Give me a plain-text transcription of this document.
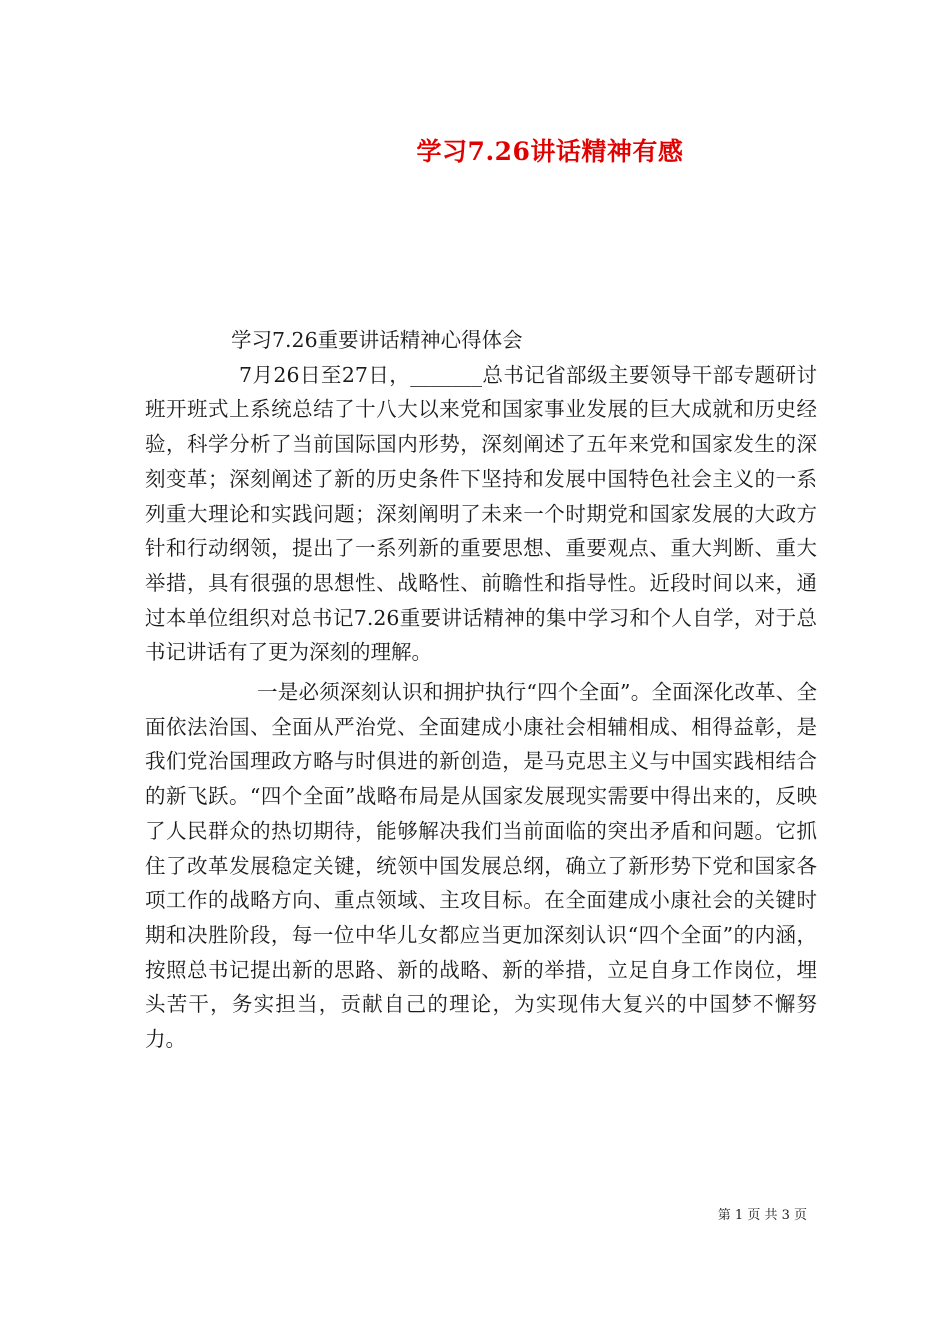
学习7.26讲话精神有感

学习7.26重要讲话精神心得体会

7月26日至27日，_______总书记省部级主要领导干部专题研讨班开班式上系统总结了十八大以来党和国家事业发展的巨大成就和历史经验，科学分析了当前国际国内形势，深刻阐述了五年来党和国家发生的深刻变革；深刻阐述了新的历史条件下坚持和发展中国特色社会主义的一系列重大理论和实践问题；深刻阐明了未来一个时期党和国家发展的大政方针和行动纲领，提出了一系列新的重要思想、重要观点、重大判断、重大举措，具有很强的思想性、战略性、前瞻性和指导性。近段时间以来，通过本单位组织对总书记7.26重要讲话精神的集中学习和个人自学，对于总书记讲话有了更为深刻的理解。

一是必须深刻认识和拥护执行“四个全面”。全面深化改革、全面依法治国、全面从严治党、全面建成小康社会相辅相成、相得益彰，是我们党治国理政方略与时俱进的新创造，是马克思主义与中国实践相结合的新飞跃。“四个全面”战略布局是从国家发展现实需要中得出来的，反映了人民群众的热切期待，能够解决我们当前面临的突出矛盾和问题。它抓住了改革发展稳定关键，统领中国发展总纲，确立了新形势下党和国家各项工作的战略方向、重点领域、主攻目标。在全面建成小康社会的关键时期和决胜阶段，每一位中华儿女都应当更加深刻认识“四个全面”的内涵，按照总书记提出新的思路、新的战略、新的举措，立足自身工作岗位，埋头苦干，务实担当，贡献自己的理论，为实现伟大复兴的中国梦不懈努力。

第 1 页 共 3 页
